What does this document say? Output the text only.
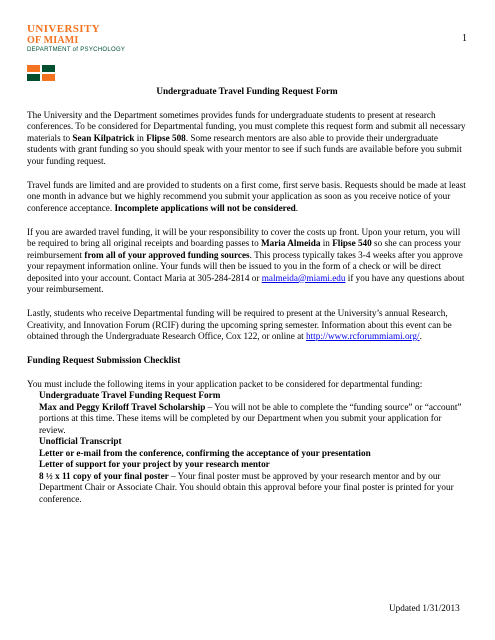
UNIVERSITY
OF MIAMI
DEPARTMENT of PSYCHOLOGY
1

Undergraduate Travel Funding Request Form

The University and the Department sometimes provides funds for undergraduate students to present at research conferences. To be considered for Departmental funding, you must complete this request form and submit all necessary materials to Sean Kilpatrick in Flipse 508. Some research mentors are also able to provide their undergraduate students with grant funding so you should speak with your mentor to see if such funds are available before you submit your funding request.

Travel funds are limited and are provided to students on a first come, first serve basis. Requests should be made at least one month in advance but we highly recommend you submit your application as soon as you receive notice of your conference acceptance. Incomplete applications will not be considered.

If you are awarded travel funding, it will be your responsibility to cover the costs up front. Upon your return, you will be required to bring all original receipts and boarding passes to Maria Almeida in Flipse 540 so she can process your reimbursement from all of your approved funding sources. This process typically takes 3-4 weeks after you approve your repayment information online. Your funds will then be issued to you in the form of a check or will be direct deposited into your account. Contact Maria at 305-284-2814 or malmeida@miami.edu if you have any questions about your reimbursement.

Lastly, students who receive Departmental funding will be required to present at the University’s annual Research, Creativity, and Innovation Forum (RCIF) during the upcoming spring semester. Information about this event can be obtained through the Undergraduate Research Office, Cox 122, or online at http://www.rcforummiami.org/.

Funding Request Submission Checklist

You must include the following items in your application packet to be considered for departmental funding:
Undergraduate Travel Funding Request Form
Max and Peggy Kriloff Travel Scholarship – You will not be able to complete the “funding source” or “account” portions at this time. These items will be completed by our Department when you submit your application for review.
Unofficial Transcript
Letter or e-mail from the conference, confirming the acceptance of your presentation
Letter of support for your project by your research mentor
8 ½ x 11 copy of your final poster – Your final poster must be approved by your research mentor and by our Department Chair or Associate Chair. You should obtain this approval before your final poster is printed for your conference.
Updated 1/31/2013
